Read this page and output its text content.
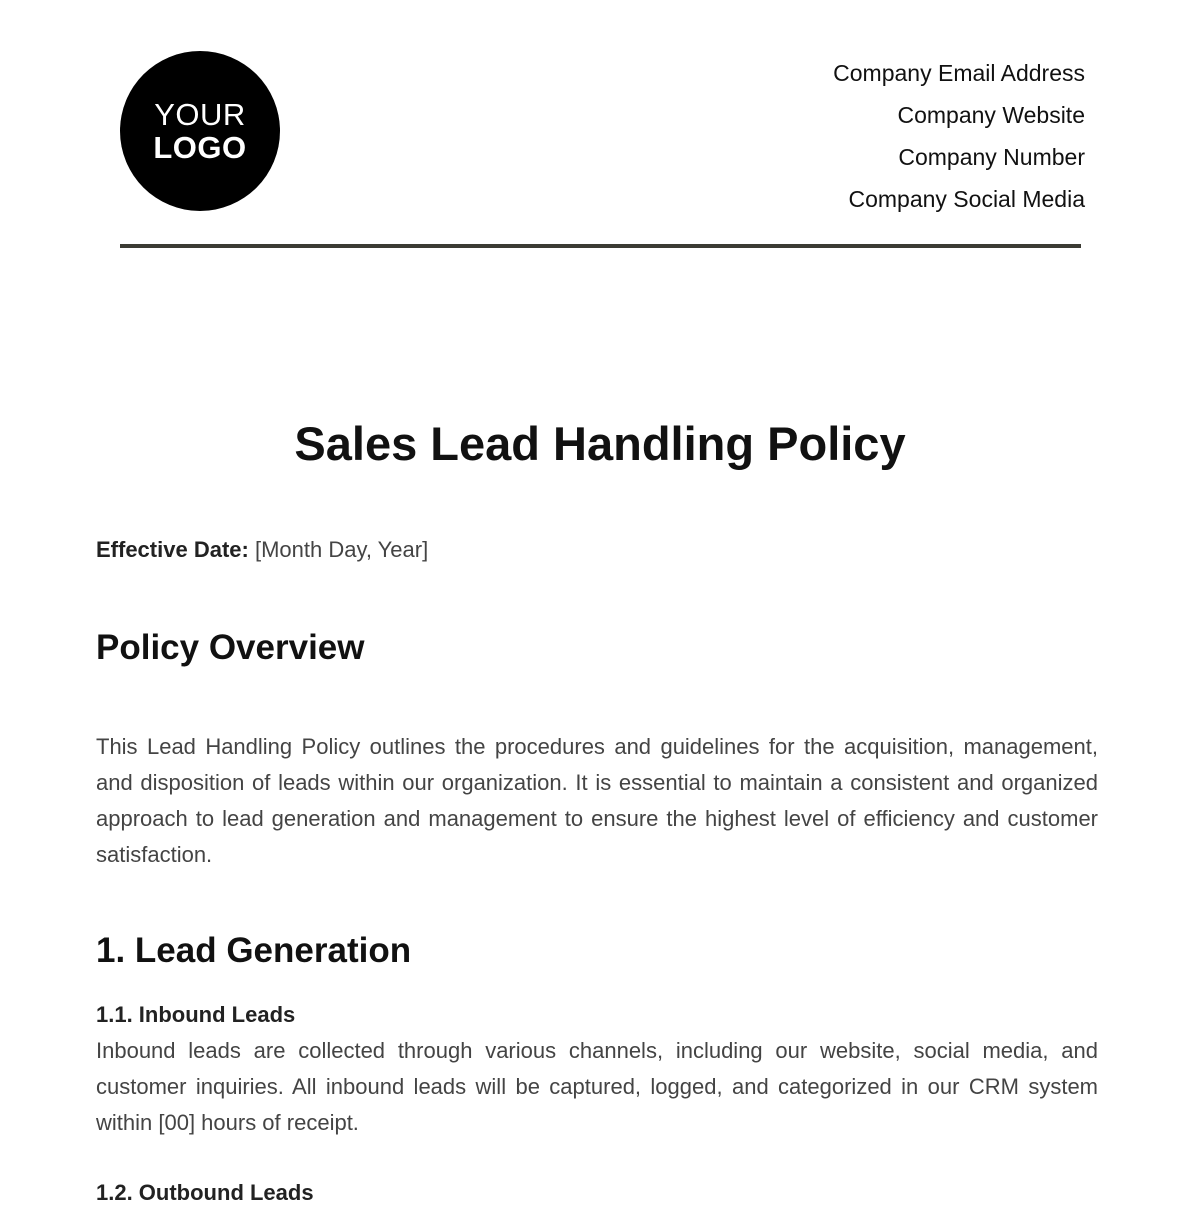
YOUR
LOGO
Company Email Address
Company Website
Company Number
Company Social Media
Sales Lead Handling Policy
Effective Date: [Month Day, Year]
Policy Overview

This Lead Handling Policy outlines the procedures and guidelines for the acquisition, management, and disposition of leads within our organization. It is essential to maintain a consistent and organized approach to lead generation and management to ensure the highest level of efficiency and customer satisfaction.

1. Lead Generation
1.1. Inbound Leads

Inbound leads are collected through various channels, including our website, social media, and customer inquiries. All inbound leads will be captured, logged, and categorized in our CRM system within [00] hours of receipt.

1.2. Outbound Leads
